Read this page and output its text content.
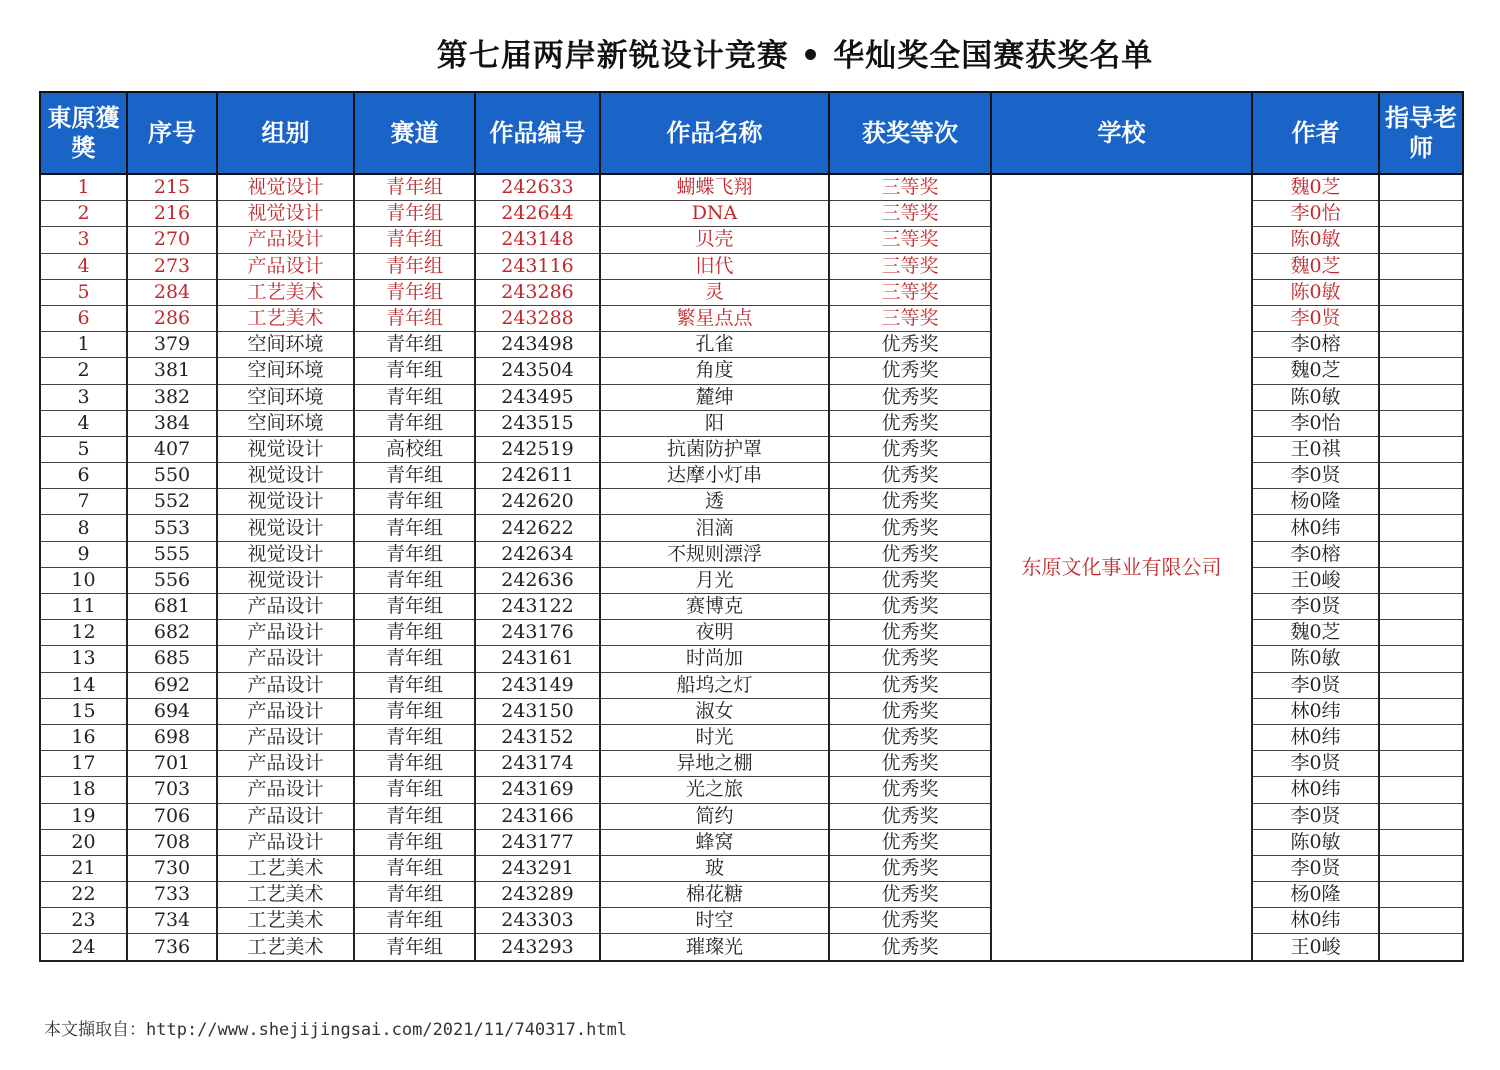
第七届两岸新锐设计竞赛 • 华灿奖全国赛获奖名单
東原獲獎	序号	组别	赛道	作品编号	作品名称	获奖等次	学校	作者	指导老师
1	215	视觉设计	青年组	242633	蝴蝶飞翔	三等奖	东原文化事业有限公司	魏0芝	
2	216	视觉设计	青年组	242644	DNA	三等奖		李0怡	
3	270	产品设计	青年组	243148	贝壳	三等奖		陈0敏	
4	273	产品设计	青年组	243116	旧代	三等奖		魏0芝	
5	284	工艺美术	青年组	243286	灵	三等奖		陈0敏	
6	286	工艺美术	青年组	243288	繁星点点	三等奖		李0贤	
1	379	空间环境	青年组	243498	孔雀	优秀奖		李0榕	
2	381	空间环境	青年组	243504	角度	优秀奖		魏0芝	
3	382	空间环境	青年组	243495	麓绅	优秀奖		陈0敏	
4	384	空间环境	青年组	243515	阳	优秀奖		李0怡	
5	407	视觉设计	高校组	242519	抗菌防护罩	优秀奖		王0祺	
6	550	视觉设计	青年组	242611	达摩小灯串	优秀奖		李0贤	
7	552	视觉设计	青年组	242620	透	优秀奖		杨0隆	
8	553	视觉设计	青年组	242622	泪滴	优秀奖		林0纬	
9	555	视觉设计	青年组	242634	不规则漂浮	优秀奖		李0榕	
10	556	视觉设计	青年组	242636	月光	优秀奖		王0峻	
11	681	产品设计	青年组	243122	赛博克	优秀奖		李0贤	
12	682	产品设计	青年组	243176	夜明	优秀奖		魏0芝	
13	685	产品设计	青年组	243161	时尚加	优秀奖		陈0敏	
14	692	产品设计	青年组	243149	船坞之灯	优秀奖		李0贤	
15	694	产品设计	青年组	243150	淑女	优秀奖		林0纬	
16	698	产品设计	青年组	243152	时光	优秀奖		林0纬	
17	701	产品设计	青年组	243174	异地之棚	优秀奖		李0贤	
18	703	产品设计	青年组	243169	光之旅	优秀奖		林0纬	
19	706	产品设计	青年组	243166	简约	优秀奖		李0贤	
20	708	产品设计	青年组	243177	蜂窝	优秀奖		陈0敏	
21	730	工艺美术	青年组	243291	玻	优秀奖		李0贤	
22	733	工艺美术	青年组	243289	棉花糖	优秀奖		杨0隆	
23	734	工艺美术	青年组	243303	时空	优秀奖		林0纬	
24	736	工艺美术	青年组	243293	璀璨光	优秀奖		王0峻	
本文擷取自：http://www.shejijingsai.com/2021/11/740317.html
